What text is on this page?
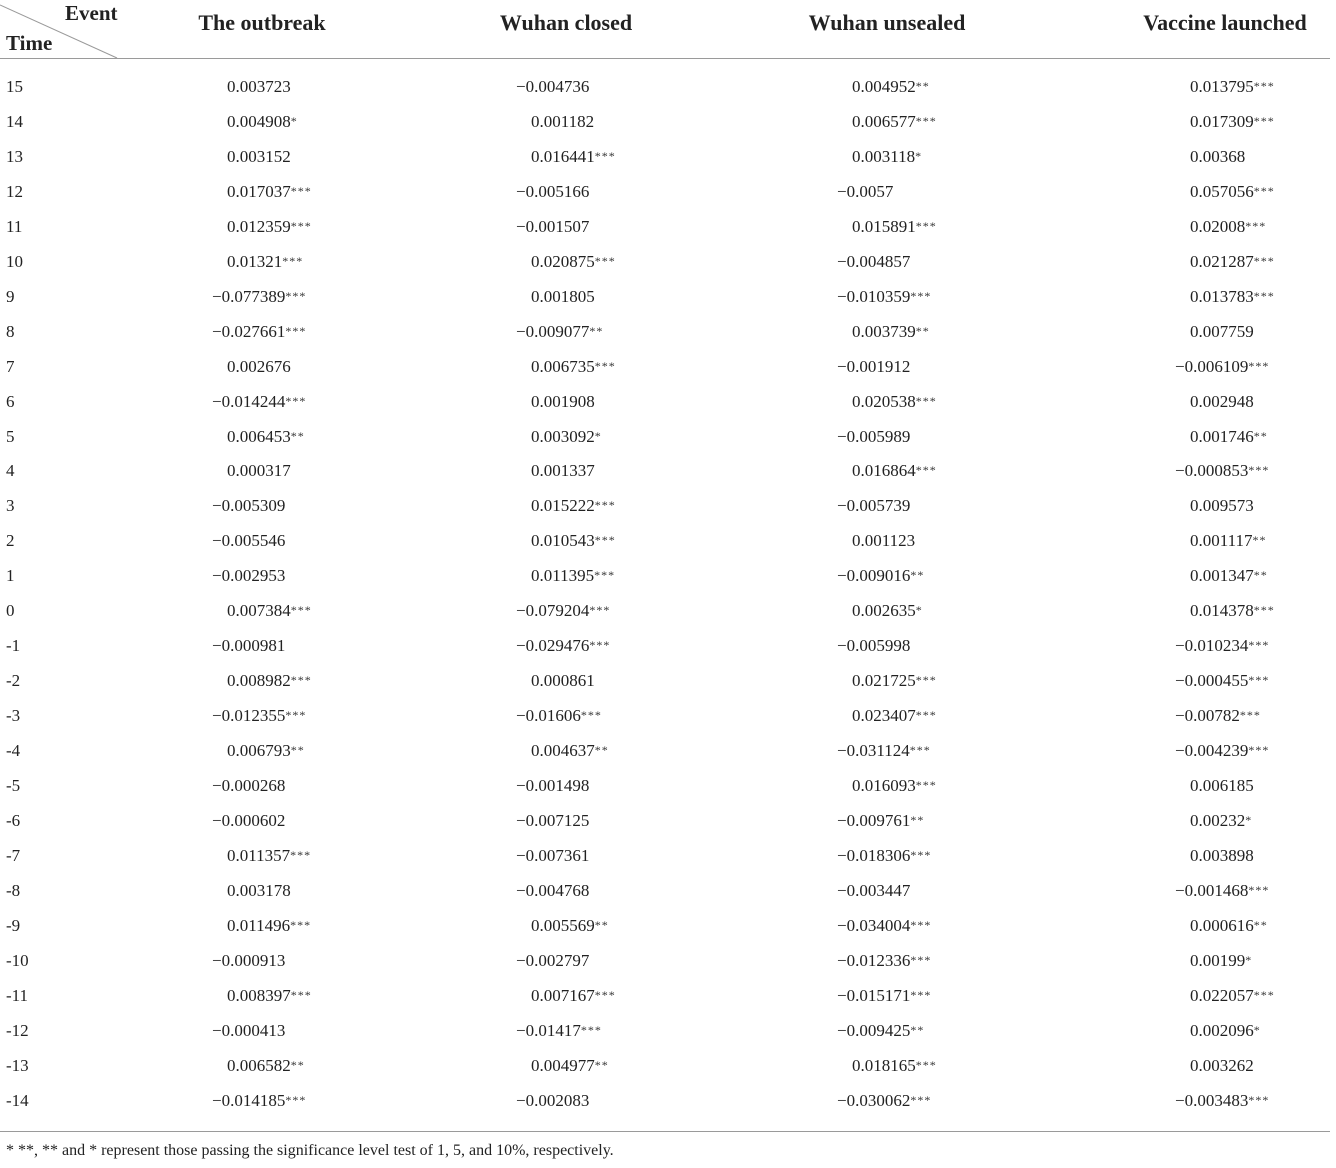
Event
Time
The outbreak	Wuhan closed	Wuhan unsealed	Vaccine launched
15	0.003723	−0.004736	0.004952**	0.013795***
14	0.004908*	0.001182	0.006577***	0.017309***
13	0.003152	0.016441***	0.003118*	0.00368
12	0.017037***	−0.005166	−0.0057	0.057056***
11	0.012359***	−0.001507	0.015891***	0.02008***
10	0.01321***	0.020875***	−0.004857	0.021287***
9	−0.077389***	0.001805	−0.010359***	0.013783***
8	−0.027661***	−0.009077**	0.003739**	0.007759
7	0.002676	0.006735***	−0.001912	−0.006109***
6	−0.014244***	0.001908	0.020538***	0.002948
5	0.006453**	0.003092*	−0.005989	0.001746**
4	0.000317	0.001337	0.016864***	−0.000853***
3	−0.005309	0.015222***	−0.005739	0.009573
2	−0.005546	0.010543***	0.001123	0.001117**
1	−0.002953	0.011395***	−0.009016**	0.001347**
0	0.007384***	−0.079204***	0.002635*	0.014378***
-1	−0.000981	−0.029476***	−0.005998	−0.010234***
-2	0.008982***	0.000861	0.021725***	−0.000455***
-3	−0.012355***	−0.01606***	0.023407***	−0.00782***
-4	0.006793**	0.004637**	−0.031124***	−0.004239***
-5	−0.000268	−0.001498	0.016093***	0.006185
-6	−0.000602	−0.007125	−0.009761**	0.00232*
-7	0.011357***	−0.007361	−0.018306***	0.003898
-8	0.003178	−0.004768	−0.003447	−0.001468***
-9	0.011496***	0.005569**	−0.034004***	0.000616**
-10	−0.000913	−0.002797	−0.012336***	0.00199*
-11	0.008397***	0.007167***	−0.015171***	0.022057***
-12	−0.000413	−0.01417***	−0.009425**	0.002096*
-13	0.006582**	0.004977**	0.018165***	0.003262
-14	−0.014185***	−0.002083	−0.030062***	−0.003483***
* **, ** and * represent those passing the significance level test of 1, 5, and 10%, respectively.
